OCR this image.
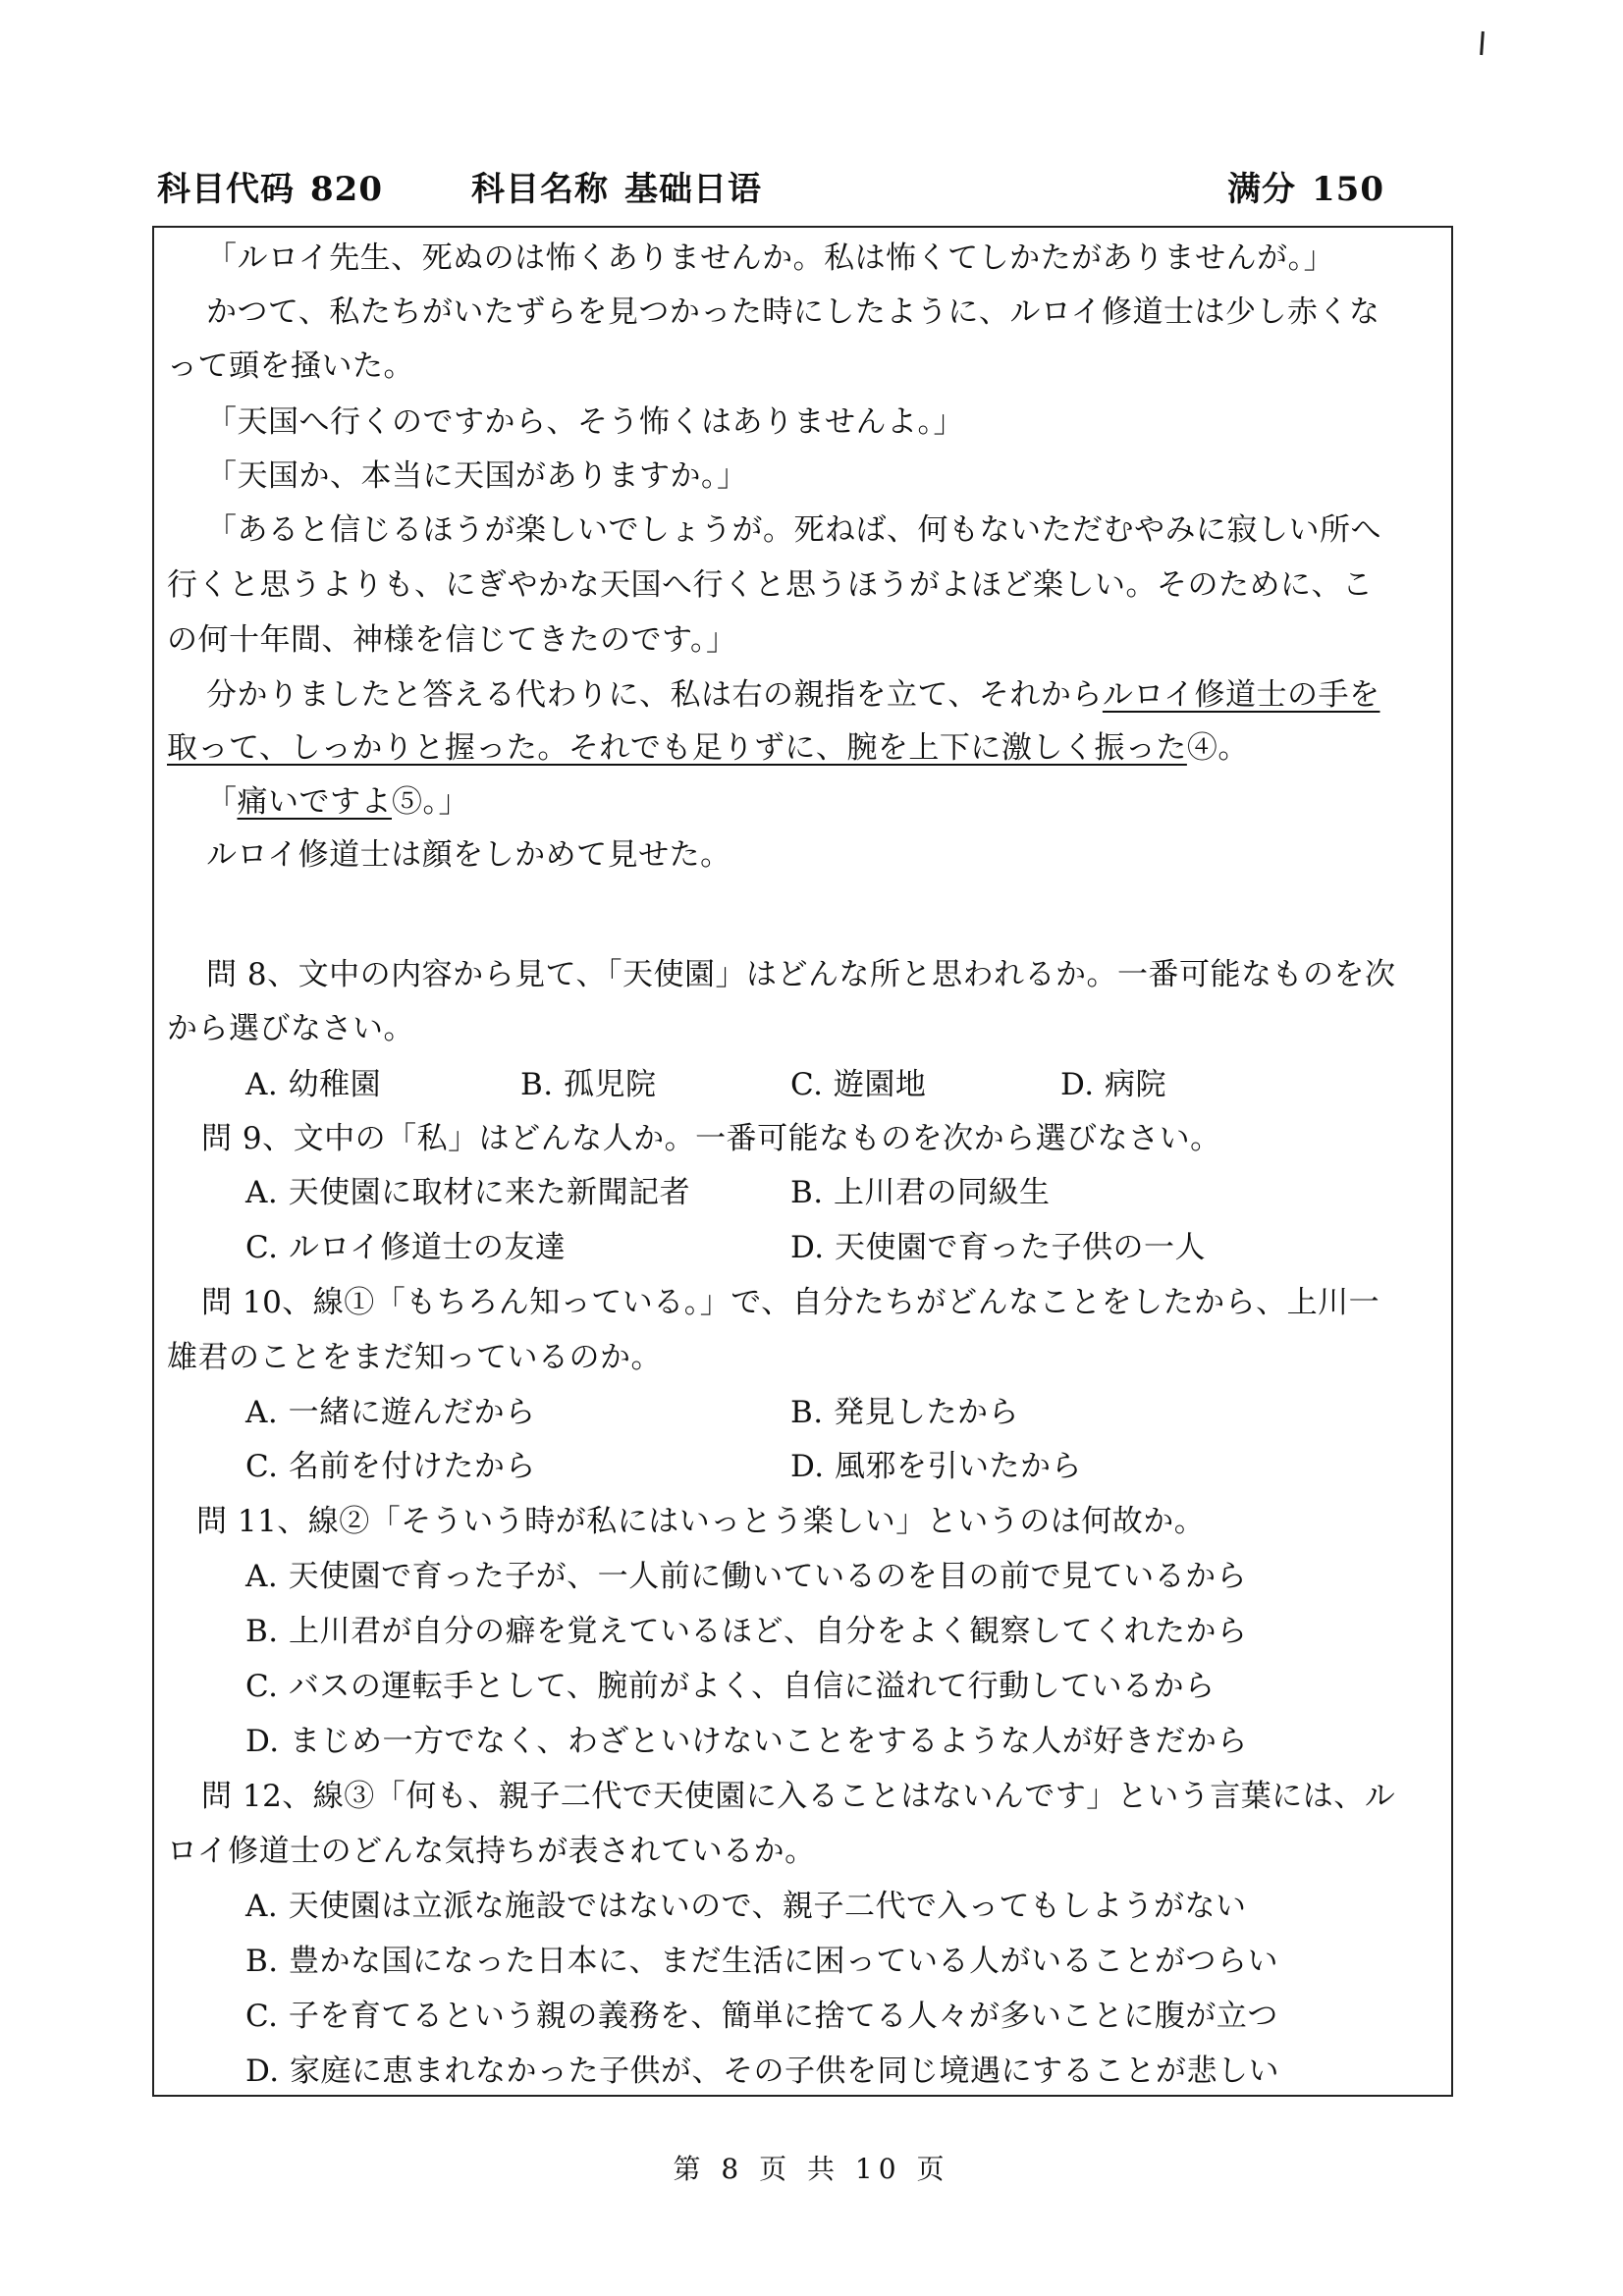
科目代码 820	科目名称 基础日语	满分 150
「ルロイ先生、死ぬのは怖くありませんか。私は怖くてしかたがありませんが。」
かつて、私たちがいたずらを見つかった時にしたように、ルロイ修道士は少し赤くな
って頭を掻いた。
「天国へ行くのですから、そう怖くはありませんよ。」
「天国か、本当に天国がありますか。」
「あると信じるほうが楽しいでしょうが。死ねば、何もないただむやみに寂しい所へ
行くと思うよりも、にぎやかな天国へ行くと思うほうがよほど楽しい。そのために、こ
の何十年間、神様を信じてきたのです。」
分かりましたと答える代わりに、私は右の親指を立て、それからルロイ修道士の手を
取って、しっかりと握った。それでも足りずに、腕を上下に激しく振った④。
「痛いですよ⑤。」
ルロイ修道士は顔をしかめて見せた。
問 8、文中の内容から見て、「天使園」はどんな所と思われるか。一番可能なものを次
から選びなさい。
A. 幼稚園	B. 孤児院	C. 遊園地	D. 病院
問 9、文中の「私」はどんな人か。一番可能なものを次から選びなさい。
A. 天使園に取材に来た新聞記者	B. 上川君の同級生
C. ルロイ修道士の友達	D. 天使園で育った子供の一人
問 10、線①「もちろん知っている。」で、自分たちがどんなことをしたから、上川一
雄君のことをまだ知っているのか。
A. 一緒に遊んだから	B. 発見したから
C. 名前を付けたから	D. 風邪を引いたから
問 11、線②「そういう時が私にはいっとう楽しい」というのは何故か。
A. 天使園で育った子が、一人前に働いているのを目の前で見ているから
B. 上川君が自分の癖を覚えているほど、自分をよく観察してくれたから
C. バスの運転手として、腕前がよく、自信に溢れて行動しているから
D. まじめ一方でなく、わざといけないことをするような人が好きだから
問 12、線③「何も、親子二代で天使園に入ることはないんです」という言葉には、ル
ロイ修道士のどんな気持ちが表されているか。
A. 天使園は立派な施設ではないので、親子二代で入ってもしようがない
B. 豊かな国になった日本に、まだ生活に困っている人がいることがつらい
C. 子を育てるという親の義務を、簡単に捨てる人々が多いことに腹が立つ
D. 家庭に恵まれなかった子供が、その子供を同じ境遇にすることが悲しい
第 8 页 共 10 页
